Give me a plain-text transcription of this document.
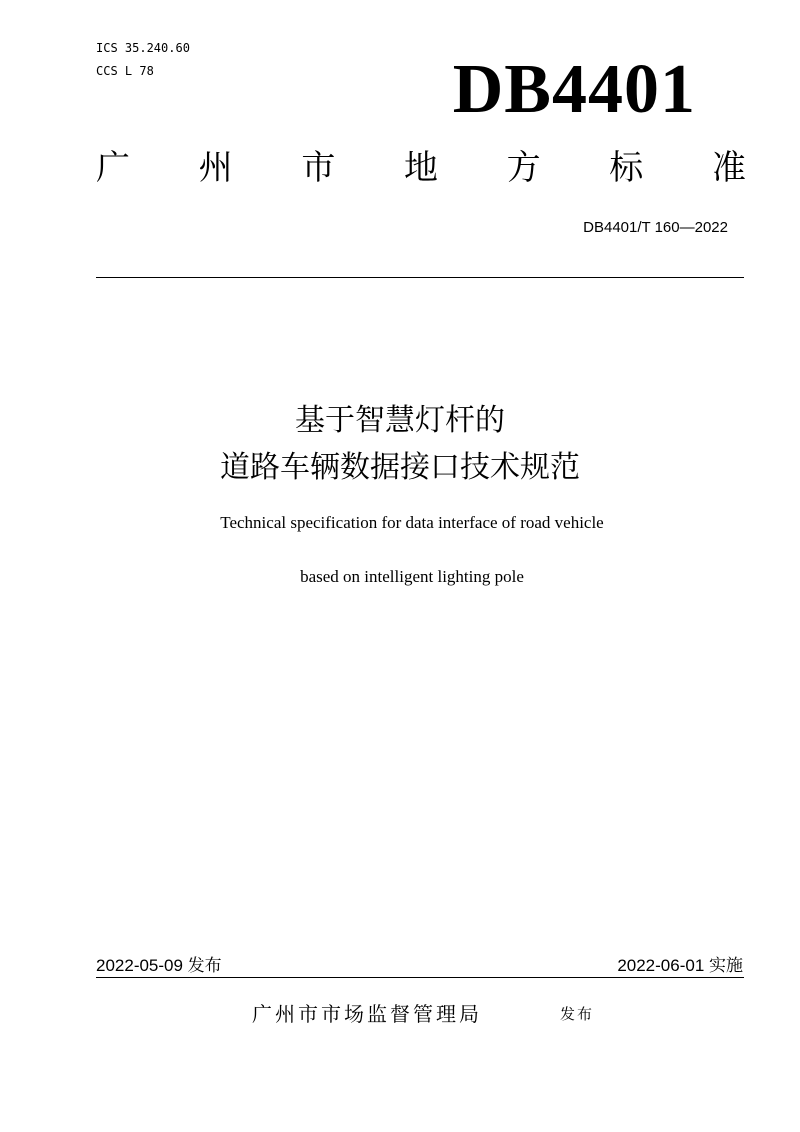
ICS 35.240.60
CCS L 78	DB4401
广 州 市 地 方 标 准
DB4401/T 160—2022
基于智慧灯杆的
道路车辆数据接口技术规范
Technical specification for data interface of road vehicle
based on intelligent lighting pole
2022-05-09 发布	2022-06-01 实施
广州市市场监督管理局	发布
